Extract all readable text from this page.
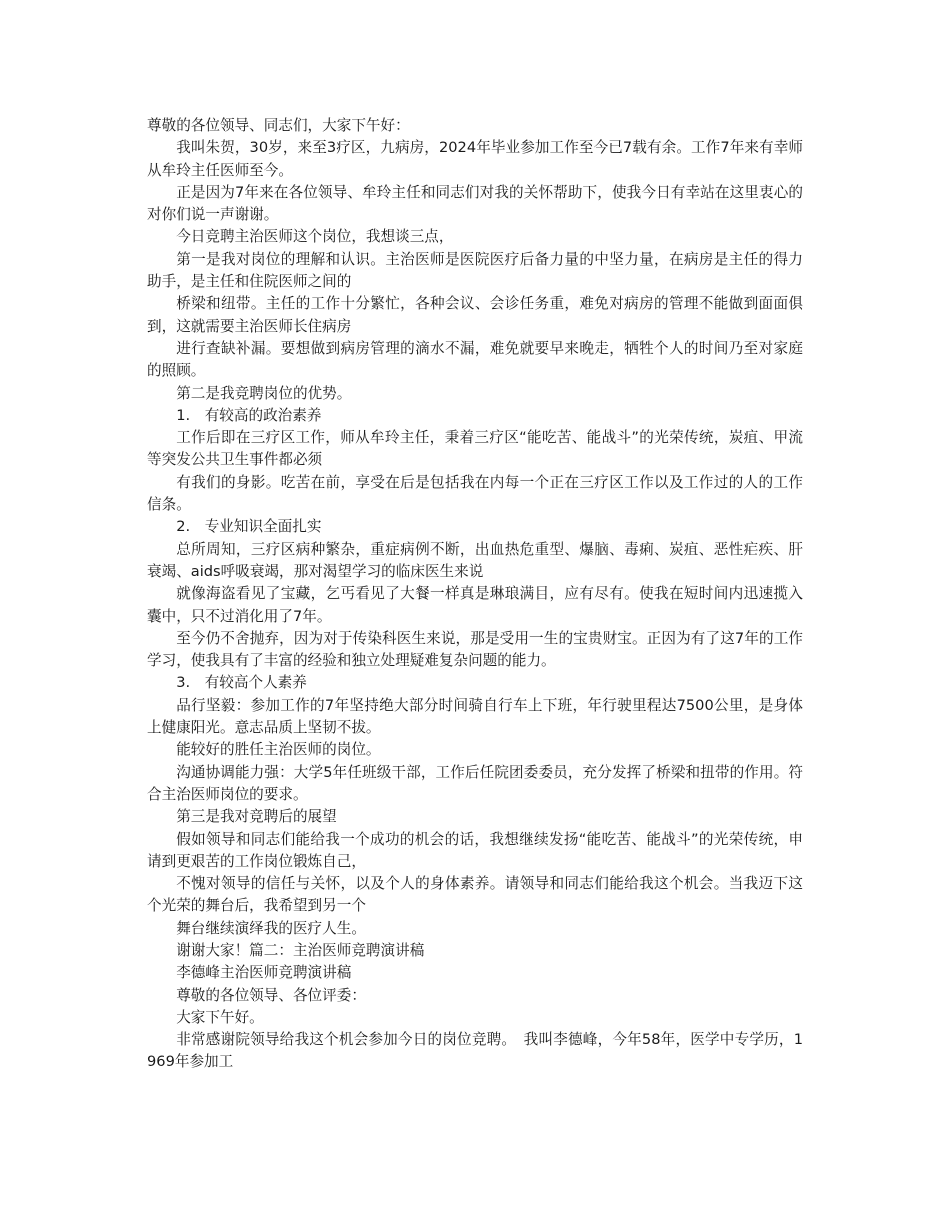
尊敬的各位领导、同志们，大家下午好：

我叫朱贺，30岁，来至3疗区，九病房，2024年毕业参加工作至今已7载有余。工作7年来有幸师从牟玲主任医师至今。

正是因为7年来在各位领导、牟玲主任和同志们对我的关怀帮助下，使我今日有幸站在这里衷心的对你们说一声谢谢。

今日竞聘主治医师这个岗位，我想谈三点，

第一是我对岗位的理解和认识。主治医师是医院医疗后备力量的中坚力量，在病房是主任的得力助手，是主任和住院医师之间的

桥梁和纽带。主任的工作十分繁忙，各种会议、会诊任务重，难免对病房的管理不能做到面面俱到，这就需要主治医师长住病房

进行查缺补漏。要想做到病房管理的滴水不漏，难免就要早来晚走，牺牲个人的时间乃至对家庭的照顾。

第二是我竞聘岗位的优势。

1.　有较高的政治素养

工作后即在三疗区工作，师从牟玲主任，秉着三疗区“能吃苦、能战斗”的光荣传统，炭疽、甲流等突发公共卫生事件都必须

有我们的身影。吃苦在前，享受在后是包括我在内每一个正在三疗区工作以及工作过的人的工作信条。

2.　专业知识全面扎实

总所周知，三疗区病种繁杂，重症病例不断，出血热危重型、爆脑、毒痢、炭疽、恶性疟疾、肝衰竭、aids呼吸衰竭，那对渴望学习的临床医生来说

就像海盗看见了宝藏，乞丐看见了大餐一样真是琳琅满目，应有尽有。使我在短时间内迅速揽入囊中，只不过消化用了7年。

至今仍不舍抛弃，因为对于传染科医生来说，那是受用一生的宝贵财宝。正因为有了这7年的工作学习，使我具有了丰富的经验和独立处理疑难复杂问题的能力。

3.　有较高个人素养

品行坚毅：参加工作的7年坚持绝大部分时间骑自行车上下班，年行驶里程达7500公里，是身体上健康阳光。意志品质上坚韧不拔。

能较好的胜任主治医师的岗位。

沟通协调能力强：大学5年任班级干部，工作后任院团委委员，充分发挥了桥梁和扭带的作用。符合主治医师岗位的要求。

第三是我对竞聘后的展望

假如领导和同志们能给我一个成功的机会的话，我想继续发扬“能吃苦、能战斗”的光荣传统，申请到更艰苦的工作岗位锻炼自己，

不愧对领导的信任与关怀，以及个人的身体素养。请领导和同志们能给我这个机会。当我迈下这个光荣的舞台后，我希望到另一个

舞台继续演绎我的医疗人生。

谢谢大家！篇二：主治医师竞聘演讲稿

李德峰主治医师竞聘演讲稿

尊敬的各位领导、各位评委：

大家下午好。

非常感谢院领导给我这个机会参加今日的岗位竞聘。　我叫李德峰，今年58年，医学中专学历，1969年参加工
